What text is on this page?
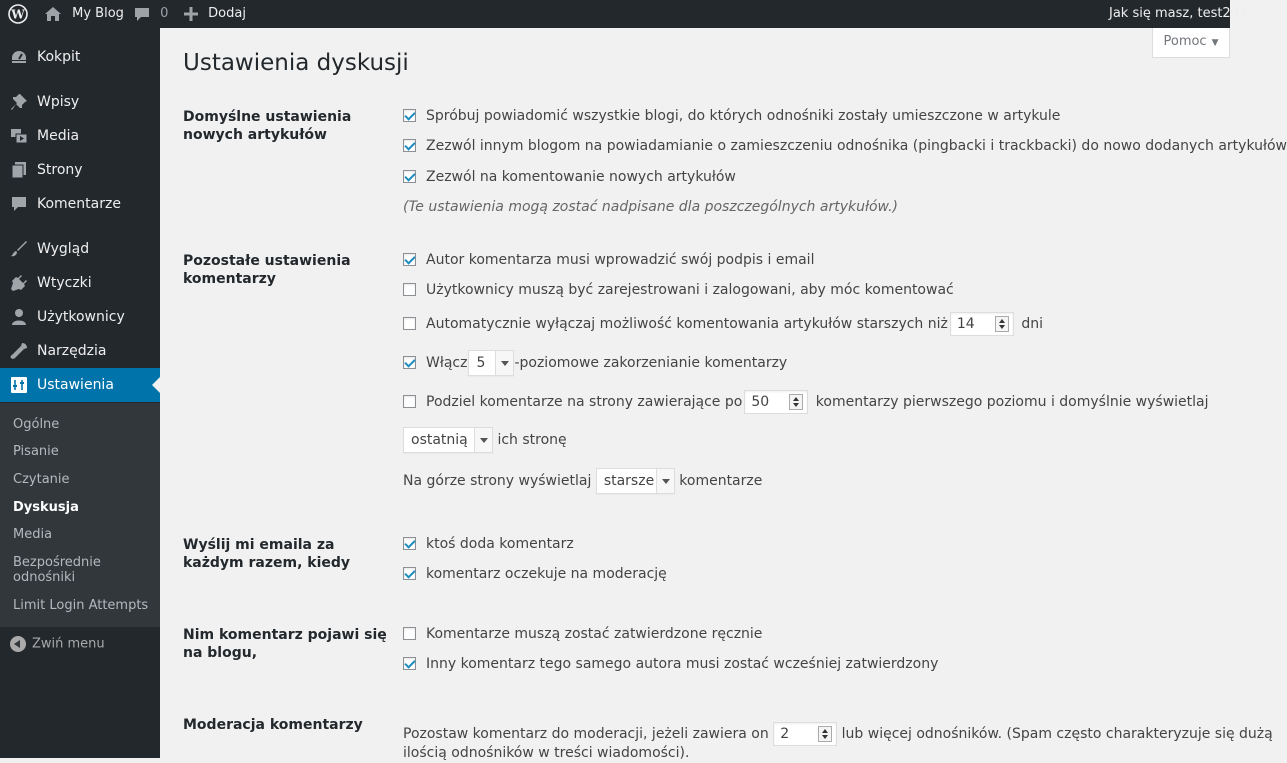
W	My Blog	0	Dodaj	Jak się masz, test294
Kokpit
Wpisy
Media
Strony
Komentarze
Wygląd
Wtyczki
Użytkownicy
Narzędzia
Ustawienia
Ogólne
Pisanie
Czytanie
Dyskusja
Media
Bezpośrednie odnośniki
Limit Login Attempts
Zwiń menu
Pomoc ▼
Ustawienia dyskusji
Domyślne ustawienia nowych artykułów
Spróbuj powiadomić wszystkie blogi, do których odnośniki zostały umieszczone w artykule
Zezwól innym blogom na powiadamianie o zamieszczeniu odnośnika (pingbacki i trackbacki) do nowo dodanych artykułów
Zezwól na komentowanie nowych artykułów
(Te ustawienia mogą zostać nadpisane dla poszczególnych artykułów.)
Pozostałe ustawienia komentarzy
Autor komentarza musi wprowadzić swój podpis i email
Użytkownicy muszą być zarejestrowani i zalogowani, aby móc komentować
Automatycznie wyłączaj możliwość komentowania artykułów starszych niż 14	dni
Włącz 5 -poziomowe zakorzenianie komentarzy
Podziel komentarze na strony zawierające po 50	komentarzy pierwszego poziomu i domyślnie wyświetlaj
ostatnią ich stronę
Na górze strony wyświetlaj starsze komentarze
Wyślij mi emaila za każdym razem, kiedy
ktoś doda komentarz
komentarz oczekuje na moderację
Nim komentarz pojawi się na blogu,
Komentarze muszą zostać zatwierdzone ręcznie
Inny komentarz tego samego autora musi zostać wcześniej zatwierdzony
Moderacja komentarzy
Pozostaw komentarz do moderacji, jeżeli zawiera on 2	lub więcej odnośników. (Spam często charakteryzuje się dużą
ilością odnośników w treści wiadomości).
